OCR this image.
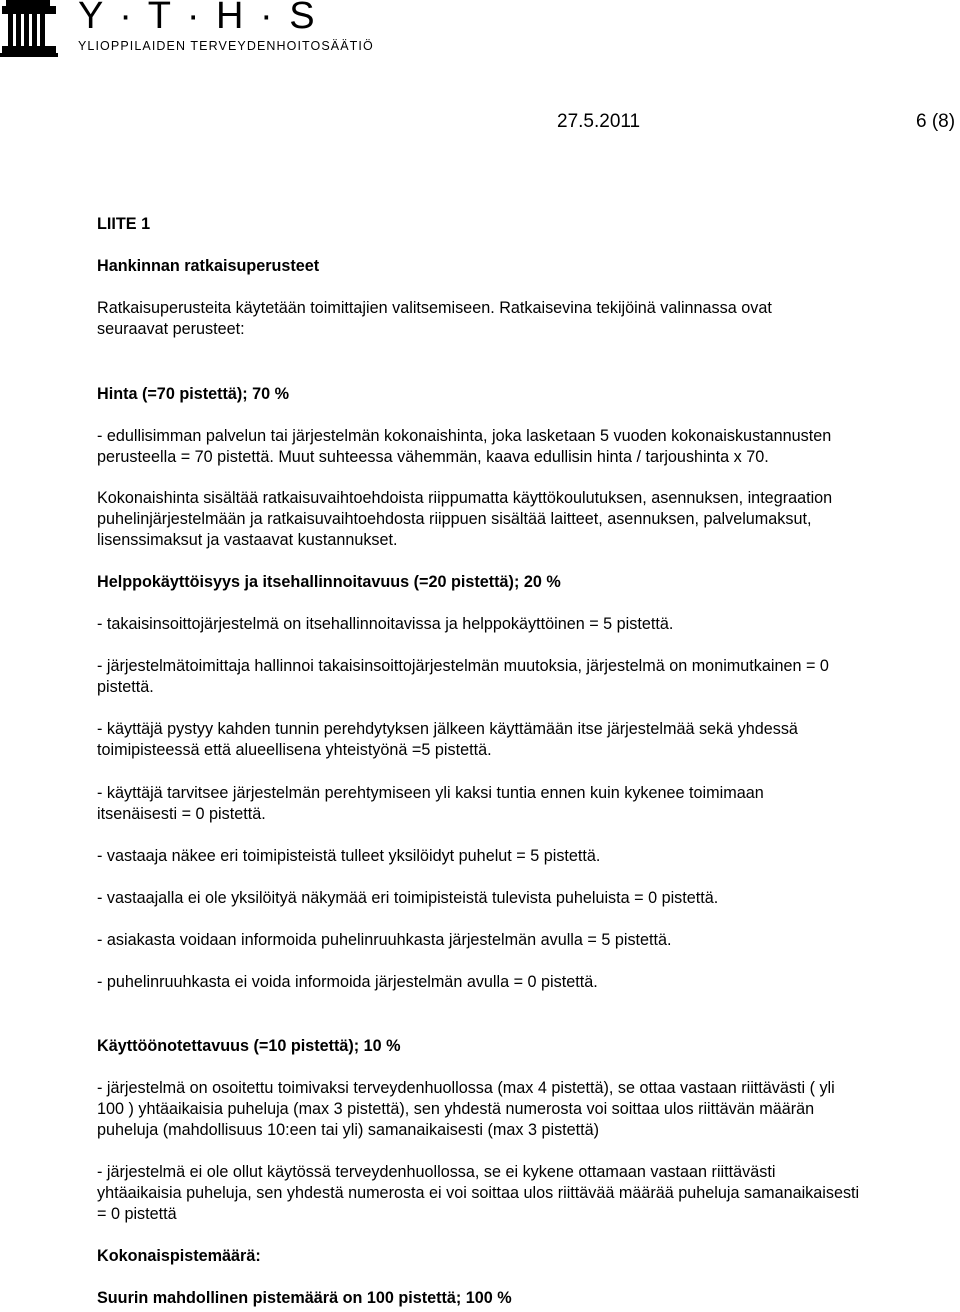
Y · T · H · S
YLIOPPILAIDEN TERVEYDENHOITOSÄÄTIÖ
27.5.2011	6 (8)

LIITE 1

Hankinnan ratkaisuperusteet

Ratkaisuperusteita käytetään toimittajien valitsemiseen. Ratkaisevina tekijöinä valinnassa ovat
seuraavat perusteet:

Hinta (=70 pistettä); 70 %

- edullisimman palvelun tai järjestelmän kokonaishinta, joka lasketaan 5 vuoden kokonaiskustannusten
perusteella = 70 pistettä. Muut suhteessa vähemmän, kaava edullisin hinta / tarjoushinta x 70.
Kokonaishinta sisältää ratkaisuvaihtoehdoista riippumatta käyttökoulutuksen, asennuksen, integraation
puhelinjärjestelmään ja ratkaisuvaihtoehdosta riippuen sisältää laitteet, asennuksen, palvelumaksut,
lisenssimaksut ja vastaavat kustannukset.

Helppokäyttöisyys ja itsehallinnoitavuus (=20 pistettä); 20 %

- takaisinsoittojärjestelmä on itsehallinnoitavissa ja helppokäyttöinen = 5 pistettä.
- järjestelmätoimittaja hallinnoi takaisinsoittojärjestelmän muutoksia, järjestelmä on monimutkainen = 0
pistettä.
- käyttäjä pystyy kahden tunnin perehdytyksen jälkeen käyttämään itse järjestelmää sekä yhdessä
toimipisteessä että alueellisena yhteistyönä =5 pistettä.
- käyttäjä tarvitsee järjestelmän perehtymiseen yli kaksi tuntia ennen kuin kykenee toimimaan
itsenäisesti = 0 pistettä.
- vastaaja näkee eri toimipisteistä tulleet yksilöidyt puhelut = 5 pistettä.
- vastaajalla ei ole yksilöityä näkymää eri toimipisteistä tulevista puheluista = 0 pistettä.
- asiakasta voidaan informoida puhelinruuhkasta järjestelmän avulla = 5 pistettä.
- puhelinruuhkasta ei voida informoida järjestelmän avulla = 0 pistettä.

Käyttöönotettavuus (=10 pistettä); 10 %

- järjestelmä on osoitettu toimivaksi terveydenhuollossa (max 4 pistettä), se ottaa vastaan riittävästi ( yli
100 ) yhtäaikaisia puheluja (max 3 pistettä), sen yhdestä numerosta voi soittaa ulos riittävän määrän
puheluja (mahdollisuus 10:een tai yli) samanaikaisesti (max 3 pistettä)
- järjestelmä ei ole ollut käytössä terveydenhuollossa, se ei kykene ottamaan vastaan riittävästi
yhtäaikaisia puheluja, sen yhdestä numerosta ei voi soittaa ulos riittävää määrää puheluja samanaikaisesti
= 0 pistettä

Kokonaispistemäärä:

Suurin mahdollinen pistemäärä on 100 pistettä; 100 %
